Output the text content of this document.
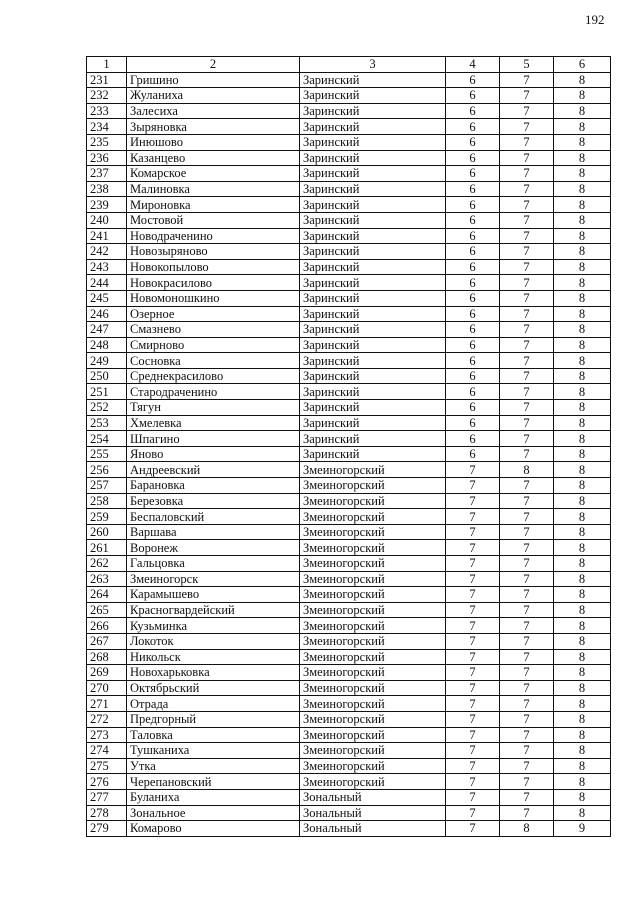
192
1	2	3	4	5	6
231	Гришино	Заринский	6	7	8
232	Жуланиха	Заринский	6	7	8
233	Залесиха	Заринский	6	7	8
234	Зыряновка	Заринский	6	7	8
235	Инюшово	Заринский	6	7	8
236	Казанцево	Заринский	6	7	8
237	Комарское	Заринский	6	7	8
238	Малиновка	Заринский	6	7	8
239	Мироновка	Заринский	6	7	8
240	Мостовой	Заринский	6	7	8
241	Новодраченино	Заринский	6	7	8
242	Новозыряново	Заринский	6	7	8
243	Новокопылово	Заринский	6	7	8
244	Новокрасилово	Заринский	6	7	8
245	Новомоношкино	Заринский	6	7	8
246	Озерное	Заринский	6	7	8
247	Смазнево	Заринский	6	7	8
248	Смирново	Заринский	6	7	8
249	Сосновка	Заринский	6	7	8
250	Среднекрасилово	Заринский	6	7	8
251	Стародраченино	Заринский	6	7	8
252	Тягун	Заринский	6	7	8
253	Хмелевка	Заринский	6	7	8
254	Шпагино	Заринский	6	7	8
255	Яново	Заринский	6	7	8
256	Андреевский	Змеиногорский	7	8	8
257	Барановка	Змеиногорский	7	7	8
258	Березовка	Змеиногорский	7	7	8
259	Беспаловский	Змеиногорский	7	7	8
260	Варшава	Змеиногорский	7	7	8
261	Воронеж	Змеиногорский	7	7	8
262	Гальцовка	Змеиногорский	7	7	8
263	Змеиногорск	Змеиногорский	7	7	8
264	Карамышево	Змеиногорский	7	7	8
265	Красногвардейский	Змеиногорский	7	7	8
266	Кузьминка	Змеиногорский	7	7	8
267	Локоток	Змеиногорский	7	7	8
268	Никольск	Змеиногорский	7	7	8
269	Новохарьковка	Змеиногорский	7	7	8
270	Октябрьский	Змеиногорский	7	7	8
271	Отрада	Змеиногорский	7	7	8
272	Предгорный	Змеиногорский	7	7	8
273	Таловка	Змеиногорский	7	7	8
274	Тушканиха	Змеиногорский	7	7	8
275	Утка	Змеиногорский	7	7	8
276	Черепановский	Змеиногорский	7	7	8
277	Буланиха	Зональный	7	7	8
278	Зональное	Зональный	7	7	8
279	Комарово	Зональный	7	8	9
